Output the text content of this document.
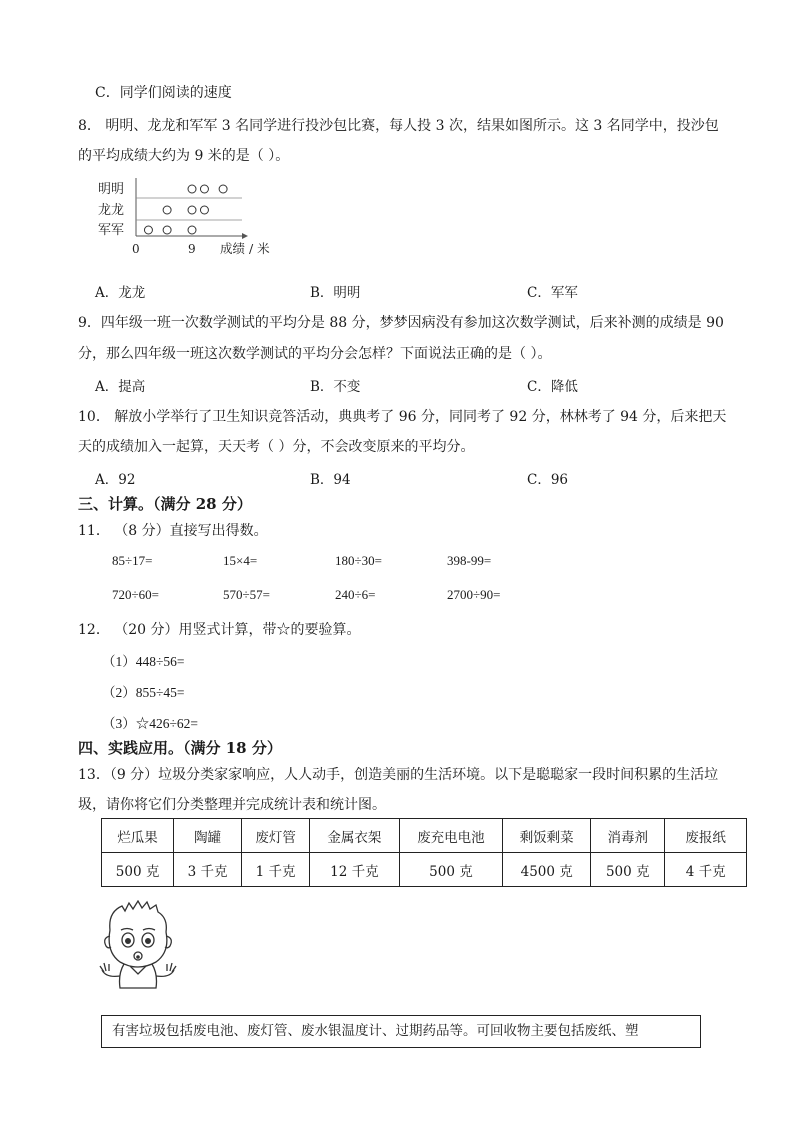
C．同学们阅读的速度
8． 明明、龙龙和军军 3 名同学进行投沙包比赛，每人投 3 次，结果如图所示。这 3 名同学中，投沙包
的平均成绩大约为 9 米的是（ ）。
明明
龙龙
军军
0	9 成绩 / 米
A．龙龙	B．明明	C．军军
9．四年级一班一次数学测试的平均分是 88 分，梦梦因病没有参加这次数学测试，后来补测的成绩是 90
分，那么四年级一班这次数学测试的平均分会怎样？下面说法正确的是（ ）。
A．提高	B．不变	C．降低
10． 解放小学举行了卫生知识竞答活动，典典考了 96 分，同同考了 92 分，林林考了 94 分，后来把天
天的成绩加入一起算，天天考（ ）分，不会改变原来的平均分。
A．92	B．94	C．96
三、计算。（满分 28 分）
11． （8 分）直接写出得数。
85÷17=	15×4=	180÷30=	398-99=
720÷60=	570÷57=	240÷6=	2700÷90=
12． （20 分）用竖式计算，带☆的要验算。
（1）448÷56=
（2）855÷45=
（3）☆426÷62=
四、实践应用。（满分 18 分）
13．（9 分）垃圾分类家家响应，人人动手，创造美丽的生活环境。以下是聪聪家一段时间积累的生活垃
圾，请你将它们分类整理并完成统计表和统计图。
烂瓜果	陶罐	废灯管	金属衣架	废充电电池	剩饭剩菜	消毒剂	废报纸
500 克	3 千克	1 千克	12 千克	500 克	4500 克	500 克	4 千克
有害垃圾包括废电池、废灯管、废水银温度计、过期药品等。可回收物主要包括废纸、塑
